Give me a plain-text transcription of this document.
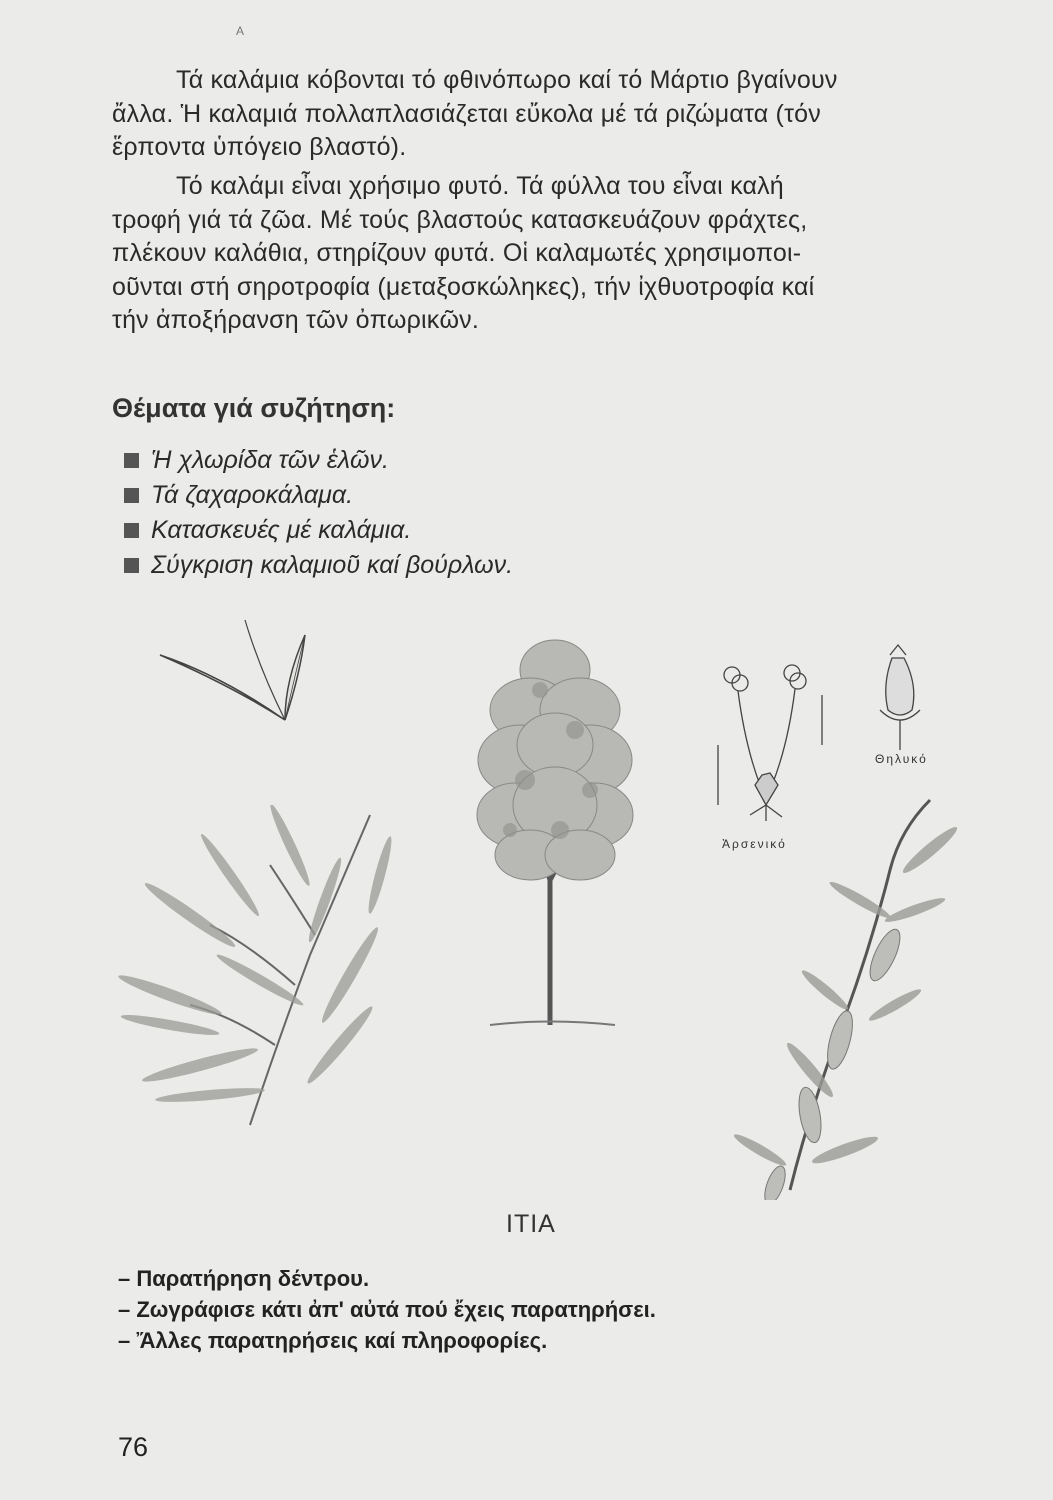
Α
Τά καλάμια κόβονται τό φθινόπωρο καί τό Μάρτιο βγαίνουν
ἄλλα. Ἡ καλαμιά πολλαπλασιάζεται εὔκολα μέ τά ριζώματα (τόν
ἕρποντα ὑπόγειο βλαστό).
Τό καλάμι εἶναι χρήσιμο φυτό. Τά φύλλα του εἶναι καλή
τροφή γιά τά ζῶα. Μέ τούς βλαστούς κατασκευάζουν φράχτες,
πλέκουν καλάθια, στηρίζουν φυτά. Οἱ καλαμωτές χρησιμοποι-
οῦνται στή σηροτροφία (μεταξοσκώληκες), τήν ἰχθυοτροφία καί
τήν ἀποξήρανση τῶν ὀπωρικῶν.
Θέματα γιά συζήτηση:
Ἡ χλωρίδα τῶν ἑλῶν.
Τά ζαχαροκάλαμα.
Κατασκευές μέ καλάμια.
Σύγκριση καλαμιοῦ καί βούρλων.
Θηλυκό
Ἀρσενικό
ΙΤΙΑ
– Παρατήρηση δέντρου.
– Ζωγράφισε κάτι ἀπ' αὐτά πού ἔχεις παρατηρήσει.
– Ἄλλες παρατηρήσεις καί πληροφορίες.
76
